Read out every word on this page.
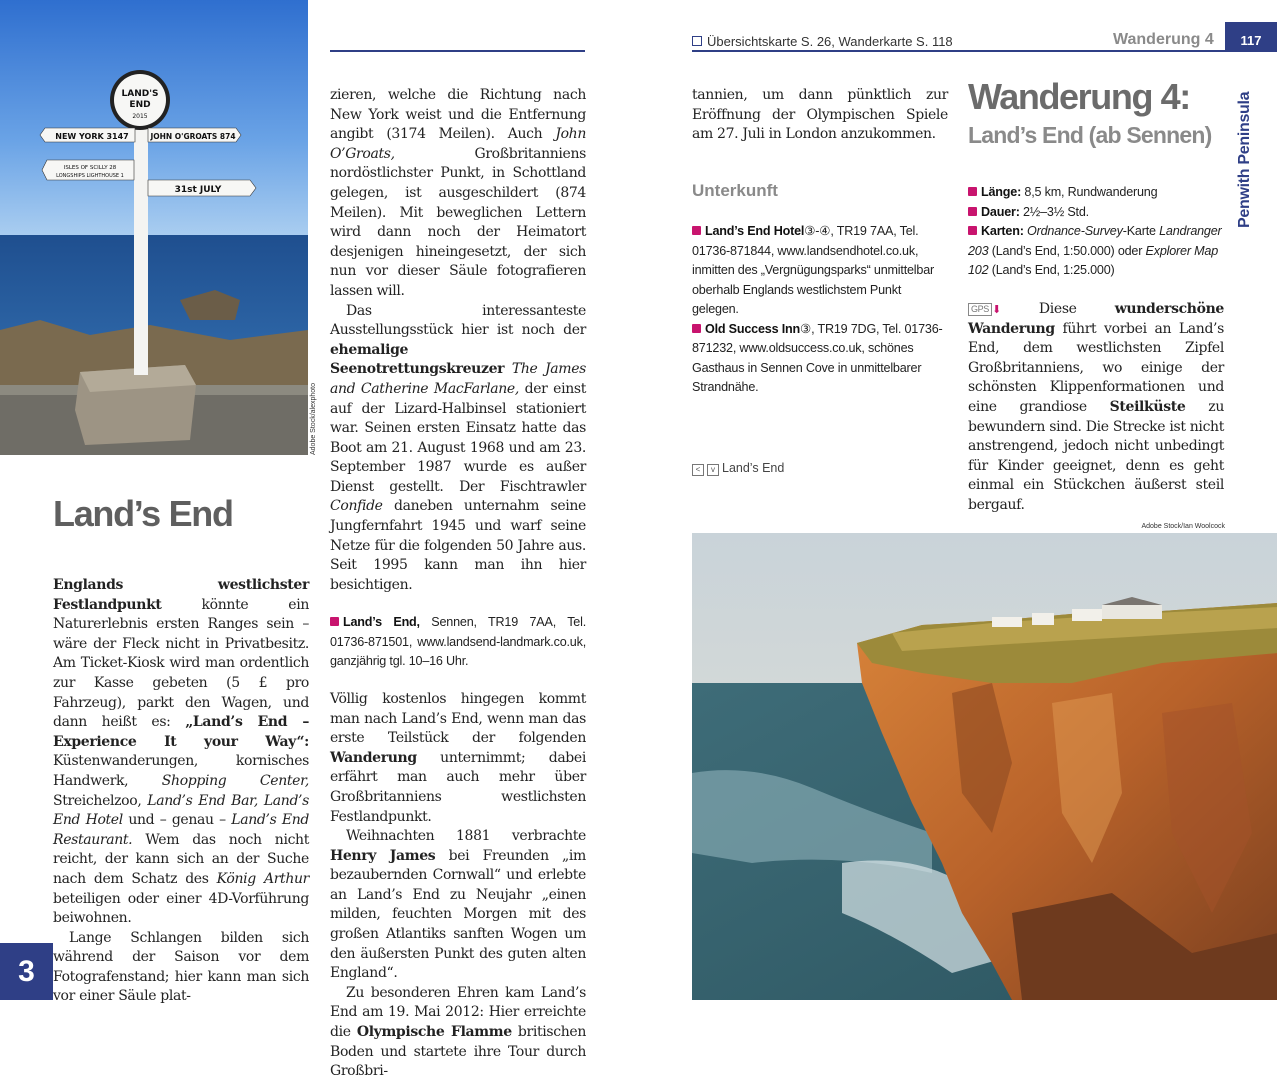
LAND'S
END
2015
NEW YORK 3147	JOHN O'GROATS 874
ISLES OF SCILLY 28
LONGSHIPS LIGHTHOUSE 1
31st JULY
Adobe Stock/alexphoto
Land’s End

Englands westlichster Festlandpunkt könnte ein Naturerlebnis ersten Ranges sein – wäre der Fleck nicht in Privatbesitz. Am Ticket-Kiosk wird man ordentlich zur Kasse gebeten (5 £ pro Fahrzeug), parkt den Wagen, und dann heißt es: „Land’s End – Experience It your Way“: Küstenwanderungen, kornisches Handwerk, Shopping Center, Streichelzoo, Land’s End Bar, Land’s End Hotel und – genau – Land’s End Restaurant. Wem das noch nicht reicht, der kann sich an der Suche nach dem Schatz des König Arthur beteiligen oder einer 4D-Vorführung beiwohnen.

Lange Schlangen bilden sich während der Saison vor dem Fotografenstand; hier kann man sich vor einer Säule plat-

zieren, welche die Richtung nach New York weist und die Entfernung angibt (3174 Meilen). Auch John O’Groats, Großbritanniens nordöstlichster Punkt, in Schottland gelegen, ist ausgeschildert (874 Meilen). Mit beweglichen Lettern wird dann noch der Heimatort desjenigen hineingesetzt, der sich nun vor dieser Säule fotografieren lassen will.

Das interessanteste Ausstellungsstück hier ist noch der ehemalige Seenotrettungskreuzer The James and Catherine MacFarlane, der einst auf der Lizard-Halbinsel stationiert war. Seinen ersten Einsatz hatte das Boot am 21. August 1968 und am 23. September 1987 wurde es außer Dienst gestellt. Der Fischtrawler Confide daneben unternahm seine Jungfernfahrt 1945 und warf seine Netze für die folgenden 50 Jahre aus. Seit 1995 kann man ihn hier besichtigen.

Land’s End, Sennen, TR19 7AA, Tel. 01736-871501, www.landsend-landmark.co.uk, ganzjährig tgl. 10–16 Uhr.

Völlig kostenlos hingegen kommt man nach Land’s End, wenn man das erste Teilstück der folgenden Wanderung unternimmt; dabei erfährt man auch mehr über Großbritanniens westlichsten Festlandpunkt.

Weihnachten 1881 verbrachte Henry James bei Freunden „im bezaubernden Cornwall“ und erlebte an Land’s End zu Neujahr „einen milden, feuchten Morgen mit des großen Atlantiks sanften Wogen um den äußersten Punkt des guten alten England“.

Zu besonderen Ehren kam Land’s End am 19. Mai 2012: Hier erreichte die Olympische Flamme britischen Boden und startete ihre Tour durch Großbri-

3
Übersichtskarte S. 26, Wanderkarte S. 118	Wanderung 4	117
Penwith Peninsula

tannien, um dann pünktlich zur Eröffnung der Olympischen Spiele am 27. Juli in London anzukommen.

Unterkunft

Land’s End Hotel③-④, TR19 7AA, Tel. 01736-871844, www.landsendhotel.co.uk, inmitten des „Vergnügungsparks“ unmittelbar oberhalb Englands westlichstem Punkt gelegen.

Old Success Inn③, TR19 7DG, Tel. 01736-871232, www.oldsuccess.co.uk, schönes Gasthaus in Sennen Cove in unmittelbarer Strandnähe.

< v Land’s End
Wanderung 4:
Land’s End (ab Sennen)

Länge: 8,5 km, Rundwanderung

Dauer: 2½–3½ Std.

Karten: Ordnance-Survey-Karte Landranger 203 (Land’s End, 1:50.000) oder Explorer Map 102 (Land’s End, 1:25.000)

GPS ⬇ Diese wunderschöne Wanderung führt vorbei an Land’s End, dem westlichsten Zipfel Großbritanniens, wo einige der schönsten Klippenformationen und eine grandiose Steilküste zu bewundern sind. Die Strecke ist nicht anstrengend, jedoch nicht unbedingt für Kinder geeignet, denn es geht einmal ein Stückchen äußerst steil bergauf.

Adobe Stock/Ian Woolcock
